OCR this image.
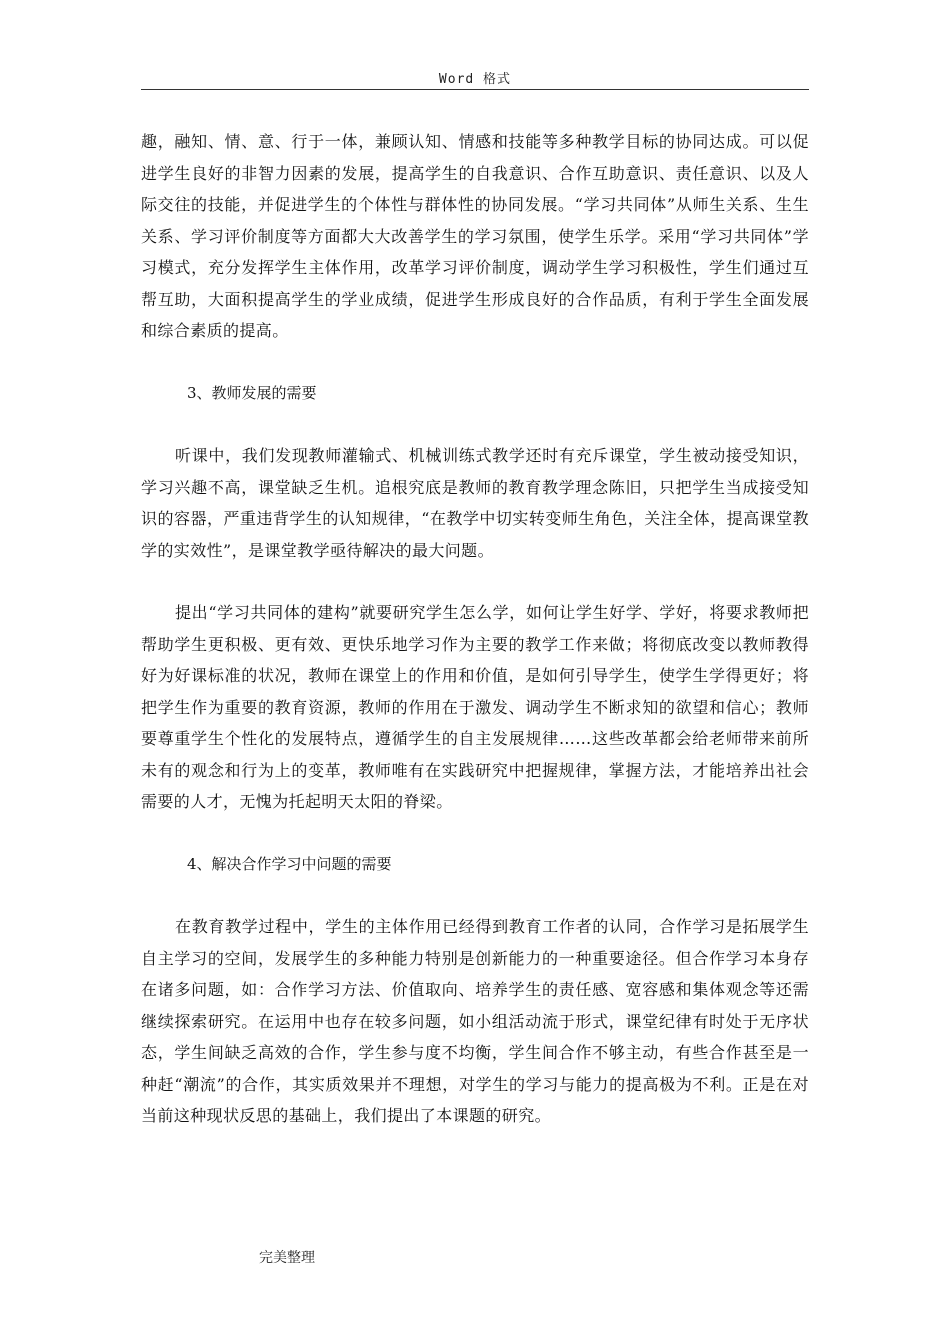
Word 格式

趣，融知、情、意、行于一体，兼顾认知、情感和技能等多种教学目标的协同达成。可以促进学生良好的非智力因素的发展，提高学生的自我意识、合作互助意识、责任意识、以及人际交往的技能，并促进学生的个体性与群体性的协同发展。“学习共同体”从师生关系、生生关系、学习评价制度等方面都大大改善学生的学习氛围，使学生乐学。采用“学习共同体”学习模式，充分发挥学生主体作用，改革学习评价制度，调动学生学习积极性，学生们通过互帮互助，大面积提高学生的学业成绩，促进学生形成良好的合作品质，有利于学生全面发展和综合素质的提高。

3、教师发展的需要

听课中，我们发现教师灌输式、机械训练式教学还时有充斥课堂，学生被动接受知识，学习兴趣不高，课堂缺乏生机。追根究底是教师的教育教学理念陈旧，只把学生当成接受知识的容器，严重违背学生的认知规律，“在教学中切实转变师生角色，关注全体，提高课堂教学的实效性”，是课堂教学亟待解决的最大问题。

提出“学习共同体的建构”就要研究学生怎么学，如何让学生好学、学好，将要求教师把帮助学生更积极、更有效、更快乐地学习作为主要的教学工作来做；将彻底改变以教师教得好为好课标准的状况，教师在课堂上的作用和价值，是如何引导学生，使学生学得更好；将把学生作为重要的教育资源，教师的作用在于激发、调动学生不断求知的欲望和信心；教师要尊重学生个性化的发展特点，遵循学生的自主发展规律……这些改革都会给老师带来前所未有的观念和行为上的变革，教师唯有在实践研究中把握规律，掌握方法，才能培养出社会需要的人才，无愧为托起明天太阳的脊梁。

4、解决合作学习中问题的需要

在教育教学过程中，学生的主体作用已经得到教育工作者的认同，合作学习是拓展学生自主学习的空间，发展学生的多种能力特别是创新能力的一种重要途径。但合作学习本身存在诸多问题，如：合作学习方法、价值取向、培养学生的责任感、宽容感和集体观念等还需继续探索研究。在运用中也存在较多问题，如小组活动流于形式，课堂纪律有时处于无序状态，学生间缺乏高效的合作，学生参与度不均衡，学生间合作不够主动，有些合作甚至是一种赶“潮流”的合作，其实质效果并不理想，对学生的学习与能力的提高极为不利。正是在对当前这种现状反思的基础上，我们提出了本课题的研究。

完美整理
